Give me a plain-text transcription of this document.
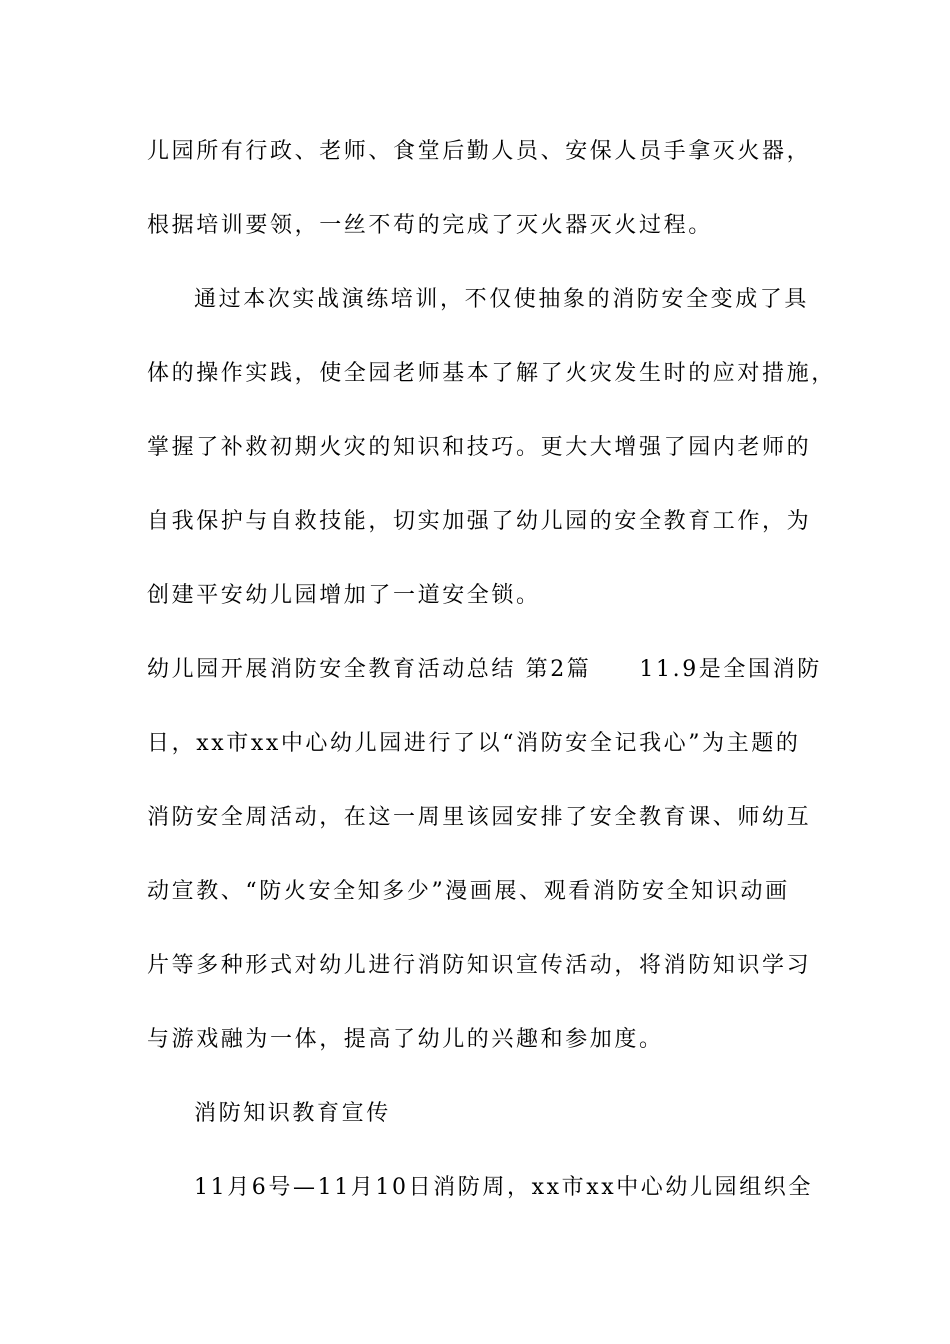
儿园所有行政、老师、食堂后勤人员、安保人员手拿灭火器，
根据培训要领，一丝不苟的完成了灭火器灭火过程。
通过本次实战演练培训，不仅使抽象的消防安全变成了具
体的操作实践，使全园老师基本了解了火灾发生时的应对措施，
掌握了补救初期火灾的知识和技巧。更大大增强了园内老师的
自我保护与自救技能，切实加强了幼儿园的安全教育工作，为
创建平安幼儿园增加了一道安全锁。
幼儿园开展消防安全教育活动总结 第2篇 11.9是全国消防
日，xx市xx中心幼儿园进行了以“消防安全记我心”为主题的
消防安全周活动，在这一周里该园安排了安全教育课、师幼互
动宣教、“防火安全知多少”漫画展、观看消防安全知识动画
片等多种形式对幼儿进行消防知识宣传活动，将消防知识学习
与游戏融为一体，提高了幼儿的兴趣和参加度。
消防知识教育宣传
11月6号—11月10日消防周，xx市xx中心幼儿园组织全
